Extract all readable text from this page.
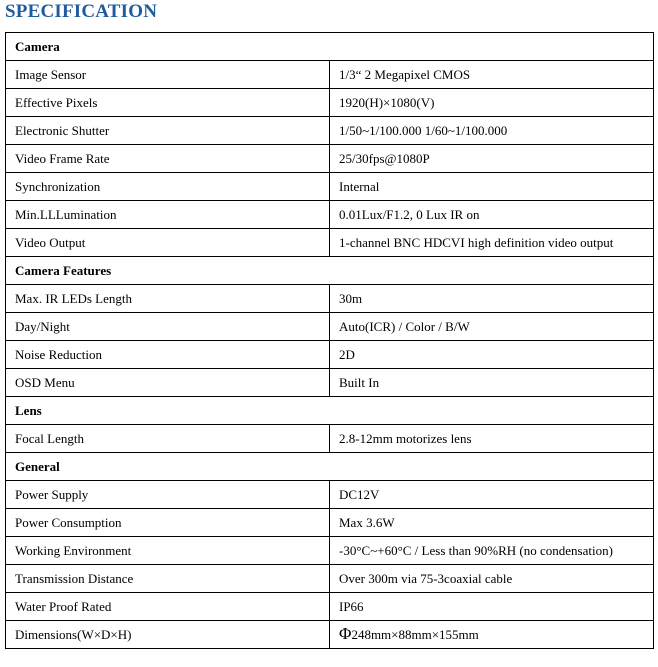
SPECIFICATION
Camera	
Image Sensor	1/3“ 2 Megapixel CMOS
Effective Pixels	1920(H)×1080(V)
Electronic Shutter	1/50~1/100.000 1/60~1/100.000
Video Frame Rate	25/30fps@1080P
Synchronization	Internal
Min.LLLumination	0.01Lux/F1.2, 0 Lux IR on
Video Output	1-channel BNC HDCVI high definition video output
Camera Features	
Max. IR LEDs Length	30m
Day/Night	Auto(ICR) / Color / B/W
Noise Reduction	2D
OSD Menu	Built In
Lens	
Focal Length	2.8-12mm motorizes lens
General	
Power Supply	DC12V
Power Consumption	Max 3.6W
Working Environment	-30°C~+60°C / Less than 90%RH (no condensation)
Transmission Distance	Over 300m via 75-3coaxial cable
Water Proof Rated	IP66
Dimensions(W×D×H)	Φ248mm×88mm×155mm
